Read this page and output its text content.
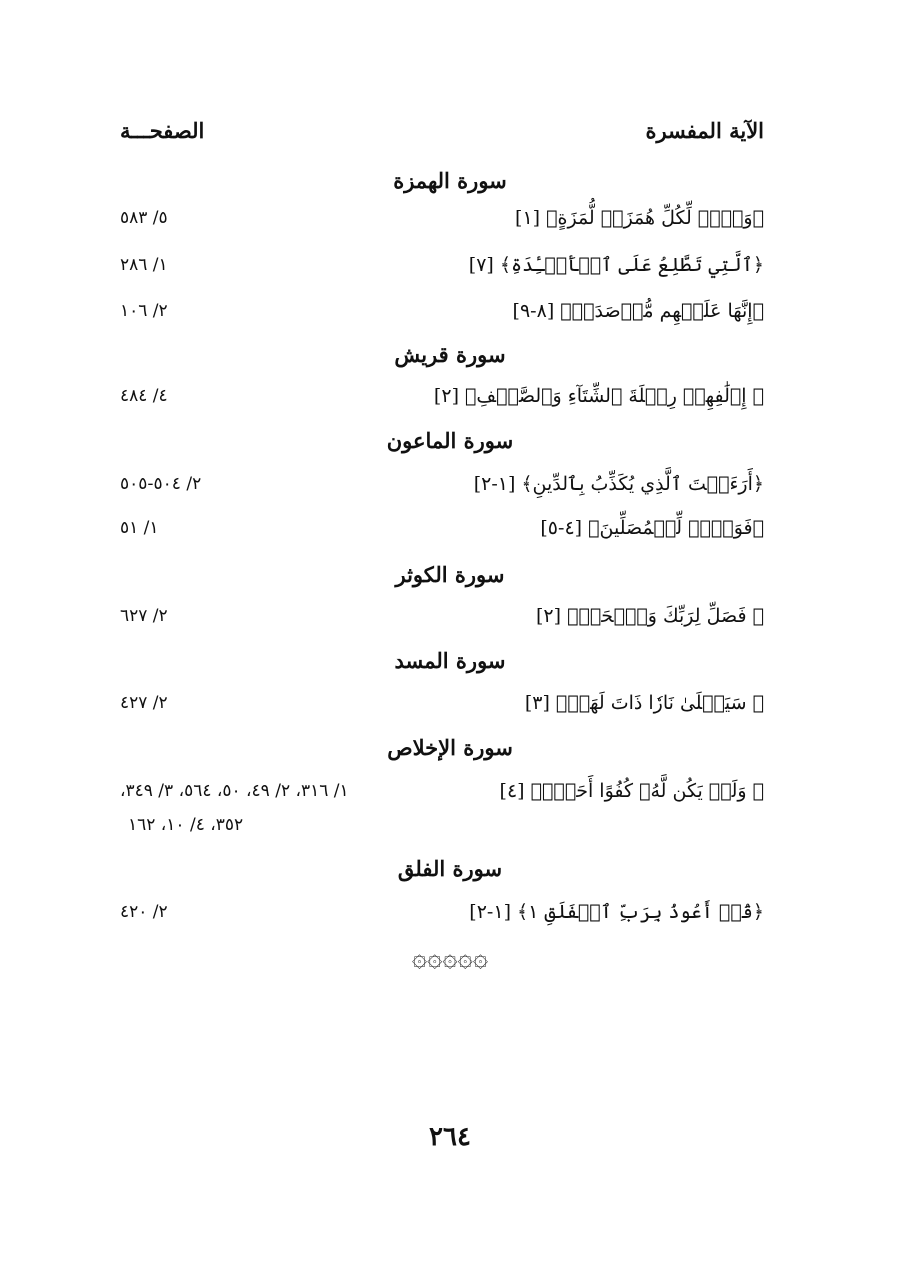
الصفحـــة	الآية المفسرة
سورة الهمزة
٥/ ٥٨٣	﴿وَيۡلٞ لِّكُلِّ هُمَزَةٖ لُّمَزَةٍ﴾ [١]
١/ ٢٨٦	﴿ٱلَّتِي تَطَّلِعُ عَلَى ٱلۡأَفۡـِٔدَةِ﴾ [٧]
٢/ ١٠٦	﴿إِنَّهَا عَلَيۡهِم مُّؤۡصَدَةٞ﴾ [٨-٩]
سورة قريش
٤/ ٤٨٤	﴿ إِۦلَٰفِهِمۡ رِحۡلَةَ ٱلشِّتَآءِ وَٱلصَّيۡفِ﴾ [٢]
سورة الماعون
٢/ ٥٠٤-٥٠٥	﴿أَرَءَيۡتَ ٱلَّذِي يُكَذِّبُ بِٱلدِّينِ﴾ [١-٢]
١/ ٥١	﴿فَوَيۡلٞ لِّلۡمُصَلِّينَ﴾ [٤-٥]
سورة الكوثر
٢/ ٦٢٧	﴿ فَصَلِّ لِرَبِّكَ وَٱنۡحَرۡ﴾ [٢]
سورة المسد
٢/ ٤٢٧	﴿ سَيَصۡلَىٰ نَارٗا ذَاتَ لَهَبٖ﴾ [٣]
سورة الإخلاص
١/ ٣١٦، ٢/ ٤٩، ٥٠، ٥٦٤، ٣/ ٣٤٩،	﴿ وَلَمۡ يَكُن لَّهُۥ كُفُوًا أَحَدُۢ﴾ [٤]
٣٥٢، ٤/ ١٠، ١٦٢
سورة الفلق
٢/ ٤٢٠	﴿قُلۡ أَعُوذُ بِرَبِّ ٱلۡفَلَقِ ١﴾ [١-٢]
۞۞۞۞۞
٢٦٤
